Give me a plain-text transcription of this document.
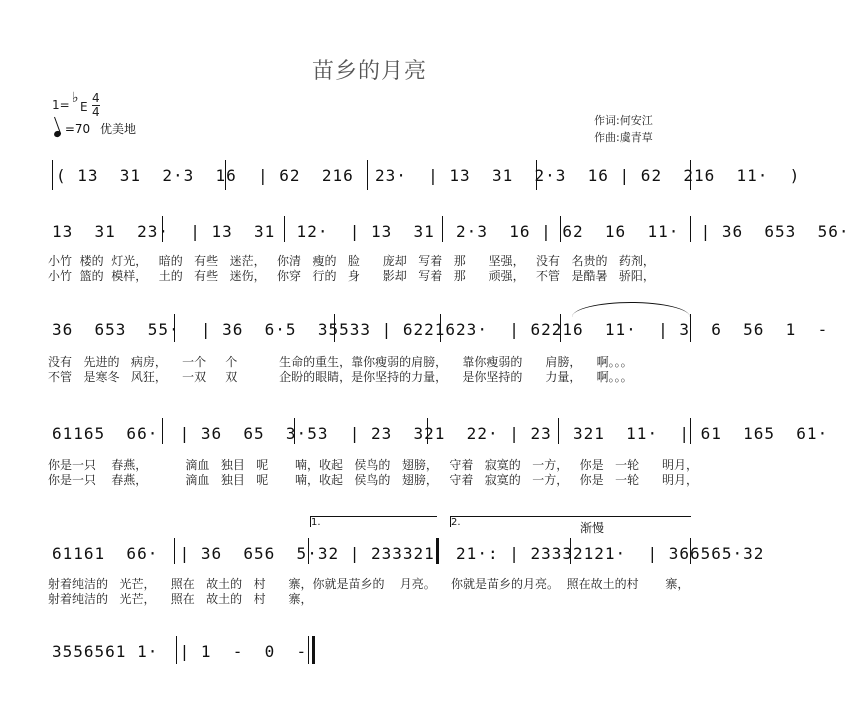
苗乡的月亮
1= ♭
E $\frac{4}{4}$
=70 优美地
作词:何安江
作曲:虞青草
( 13  31  2·3  16  | 62  216  23·  | 13  31  2·3  16 | 62  216  11·  )
13  31  23·  | 13  31  12·  | 13  31  2·3  16 | 62  16  11·  | 36  653  56·
小竹  楼的  灯光，   暗的   有些   迷茫，   你清   瘦的   脸      庞却   写着   那      坚强，   没有   名贵的   药剂，
小竹  篮的  模样，   土的   有些   迷伤，   你穿   行的   身      影却   写着   那      顽强，   不管   是酷暑   骄阳，
36  653  55·  | 36  6·5  35533 | 6221623·  | 62216  11·  | 3  6  56  1  -
没有   先进的   病房，    一个     个           生命的重生，靠你瘦弱的肩膀，    靠你瘦弱的      肩膀，    啊。。。
不管   是寒冬   风狂，    一双     双           企盼的眼睛，是你坚持的力量，    是你坚持的      力量，    啊。。。
61165  66·  | 36  65  3·53  | 23  321  22· | 23  321  11·  | 61  165  61·
你是一只    春燕，          滴血   独目   呢       喃，收起   侯鸟的   翅膀，   守着   寂寞的   一方，   你是   一轮      明月，
你是一只    春燕，          滴血   独目   呢       喃，收起   侯鸟的   翅膀，   守着   寂寞的   一方，   你是   一轮      明月，
1.	2.	渐慢
61161  66·  | 36  656  5·32 | 233321  21·: | 23332121·  | 366565·32
射着纯洁的   光芒，    照在   故土的   村      寨，你就是苗乡的    月亮。    你就是苗乡的月亮。  照在故土的村       寨，
射着纯洁的   光芒，    照在   故土的   村      寨，
3556561 1·  | 1  -  0  -
